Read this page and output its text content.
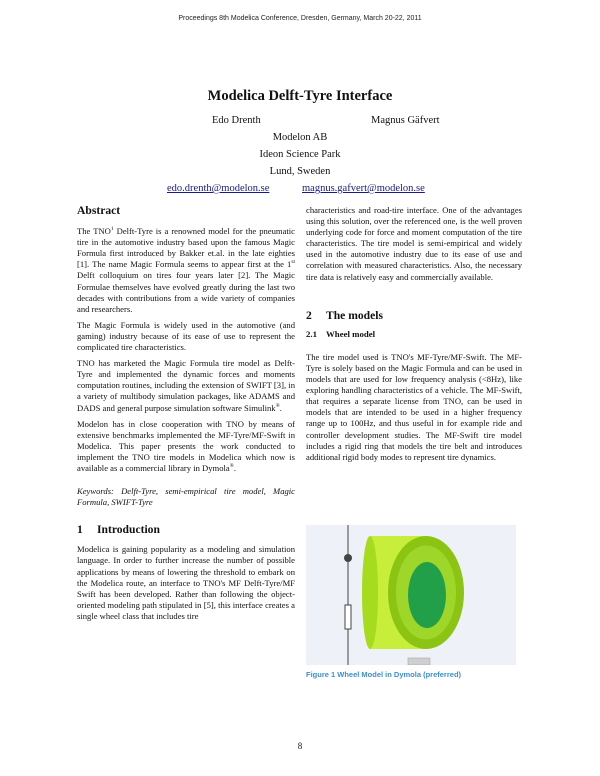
Proceedings 8th Modelica Conference, Dresden, Germany, March 20-22, 2011
Modelica Delft-Tyre Interface
Edo Drenth	Magnus Gäfvert
Modelon AB
Ideon Science Park
Lund, Sweden
edo.drenth@modelon.se	magnus.gafvert@modelon.se
Abstract

The TNO$^1$ Delft-Tyre is a renowned model for the pneumatic tire in the automotive industry based upon the famous Magic Formula first introduced by Bakker et.al. in the late eighties [1]. The name Magic Formula seems to appear first at the 1st Delft colloquium on tires four years later [2]. The Magic Formulae themselves have evolved greatly during the last two decades with contributions from a wide variety of companies and researchers.

The Magic Formula is widely used in the automotive (and gaming) industry because of its ease of use to represent the complicated tire characteristics.

TNO has marketed the Magic Formula tire model as Delft-Tyre and implemented the dynamic forces and moments computation routines, including the extension of SWIFT [3], in a variety of multibody simulation packages, like ADAMS and DADS and general purpose simulation software Simulink®.

Modelon has in close cooperation with TNO by means of extensive benchmarks implemented the MF-Tyre/MF-Swift in Modelica. This paper presents the work conducted to implement the TNO tire models in Modelica which now is available as a commercial library in Dymola®.

Keywords: Delft-Tyre, semi-empirical tire model, Magic Formula, SWIFT-Tyre

1 Introduction

Modelica is gaining popularity as a modeling and simulation language. In order to further increase the number of possible applications by means of lowering the threshold to embark on the Modelica route, an interface to TNO's MF Delft-Tyre/MF Swift has been developed. Rather than following the object-oriented modeling path stipulated in [5], this interface creates a single wheel class that includes tire

characteristics and road-tire interface. One of the advantages using this solution, over the referenced one, is the well proven underlying code for force and moment computation of the tire characteristics. The tire model is semi-empirical and widely used in the automotive industry due to its ease of use and correlation with measured characteristics. Also, the necessary tire data is relatively easy and commercially available.

2 The models
2.1 Wheel model

The tire model used is TNO's MF-Tyre/MF-Swift. The MF-Tyre is solely based on the Magic Formula and can be used in models that are used for low frequency analysis (<8Hz), like exploring handling characteristics of a vehicle. The MF-Swift, that requires a separate license from TNO, can be used in models that are intended to be used in a higher frequency range up to 100Hz, and thus useful in for example ride and controller development studies. The MF-Swift tire model includes a rigid ring that models the tire belt and introduces additional rigid body modes to represent tire dynamics.

Figure 1 Wheel Model in Dymola (preferred)
8
